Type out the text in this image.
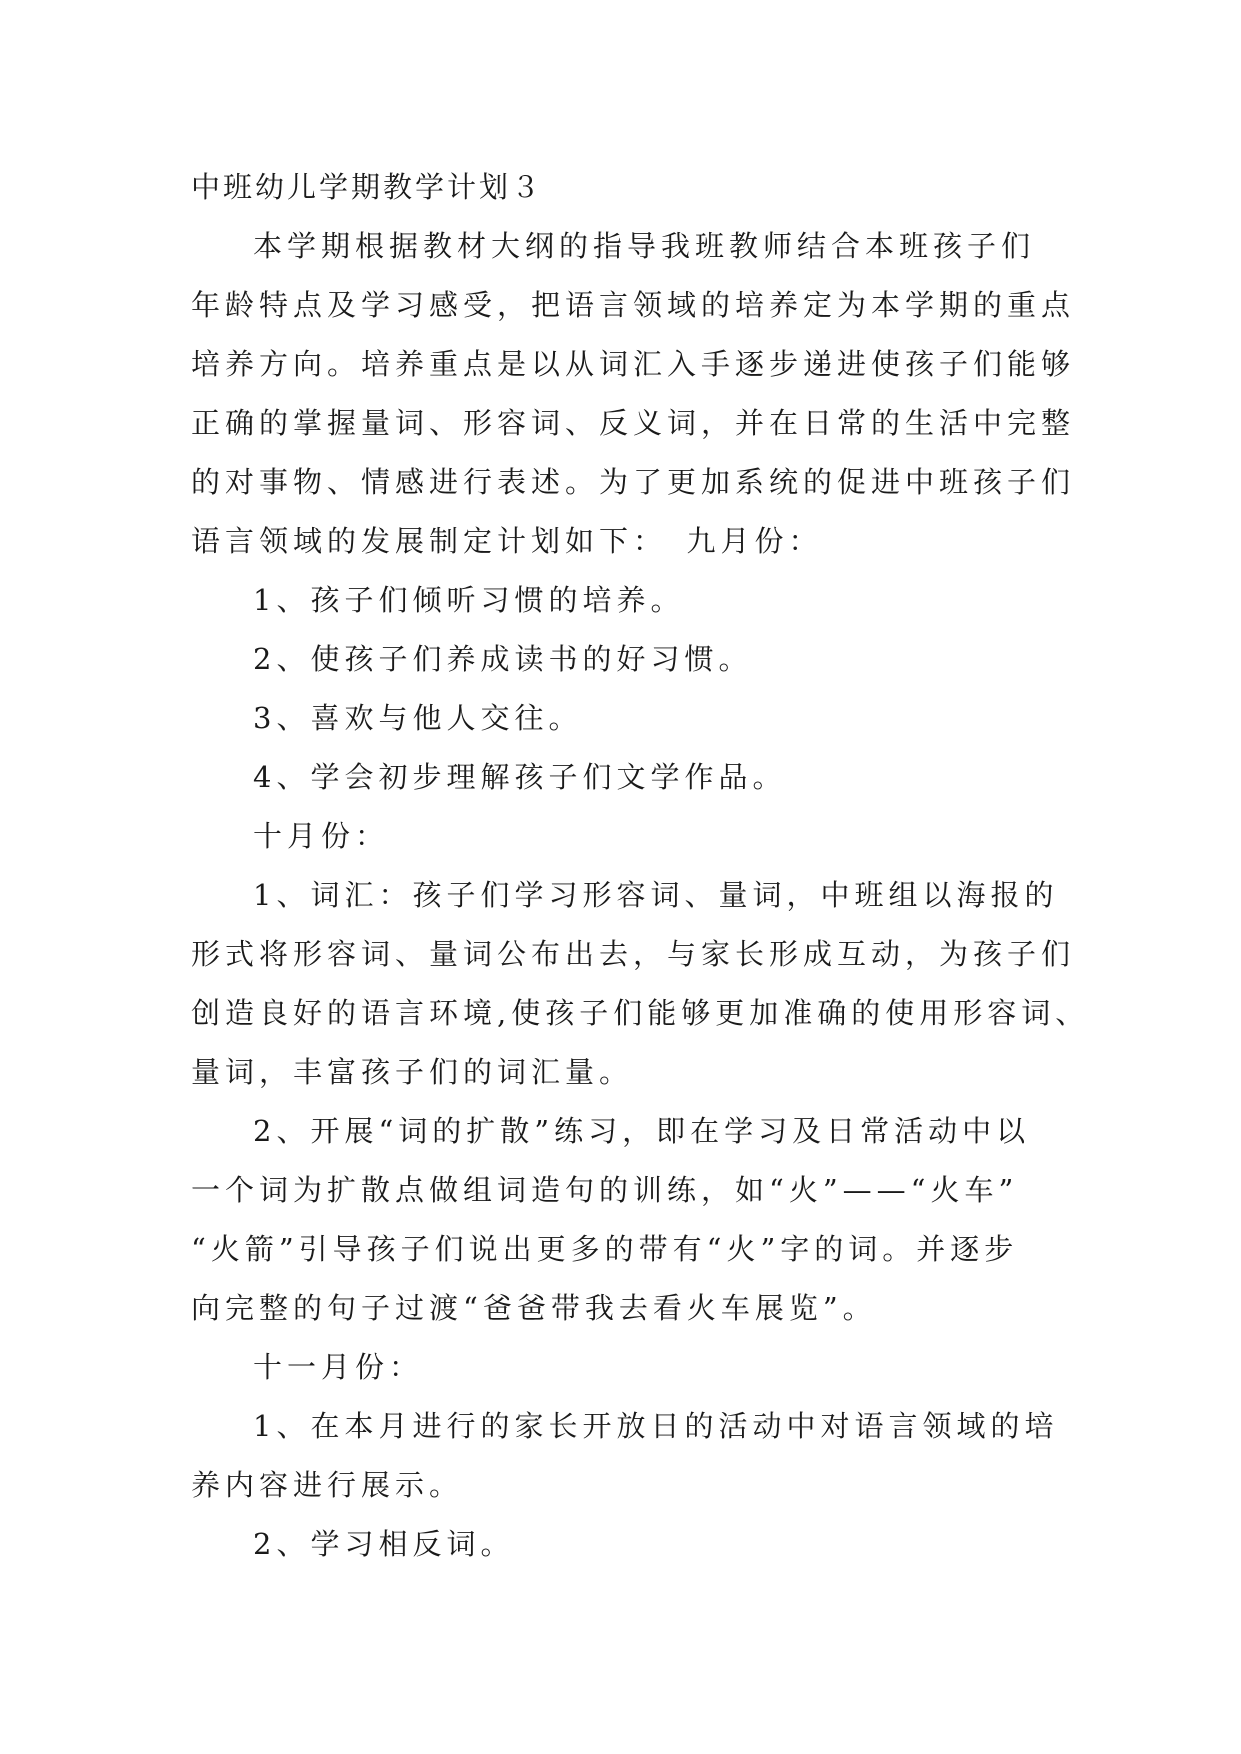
中班幼儿学期教学计划３
本学期根据教材大纲的指导我班教师结合本班孩子们
年龄特点及学习感受，把语言领域的培养定为本学期的重点
培养方向。培养重点是以从词汇入手逐步递进使孩子们能够
正确的掌握量词、形容词、反义词，并在日常的生活中完整
的对事物、情感进行表述。为了更加系统的促进中班孩子们
语言领域的发展制定计划如下：　九月份：
1、孩子们倾听习惯的培养。
2、使孩子们养成读书的好习惯。
3、喜欢与他人交往。
4、学会初步理解孩子们文学作品。
十月份：
1、词汇：孩子们学习形容词、量词，中班组以海报的
形式将形容词、量词公布出去，与家长形成互动，为孩子们
创造良好的语言环境,使孩子们能够更加准确的使用形容词、
量词，丰富孩子们的词汇量。
2、开展“词的扩散”练习，即在学习及日常活动中以
一个词为扩散点做组词造句的训练，如“火”——“火车”
“火箭”引导孩子们说出更多的带有“火”字的词。并逐步
向完整的句子过渡“爸爸带我去看火车展览”。
十一月份：
1、在本月进行的家长开放日的活动中对语言领域的培
养内容进行展示。
2、学习相反词。
